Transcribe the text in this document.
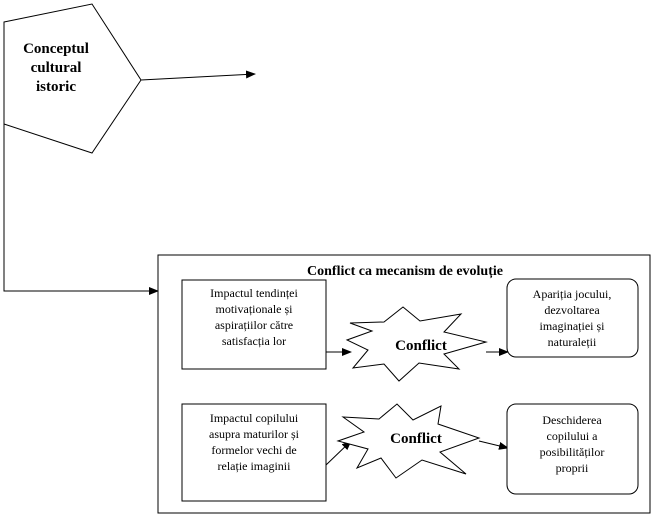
Conceptul
cultural
istoric
Conflict ca mecanism de evoluție
Impactul tendinței
motivaționale și
aspirațiilor către
satisfacția lor	Conflict
Apariția jocului,
dezvoltarea
imaginației și
naturaleții
Impactul copilului
asupra maturilor și
formelor vechi de
relație imaginii
Conflict
Deschiderea
copilului a
posibilităților
proprii
